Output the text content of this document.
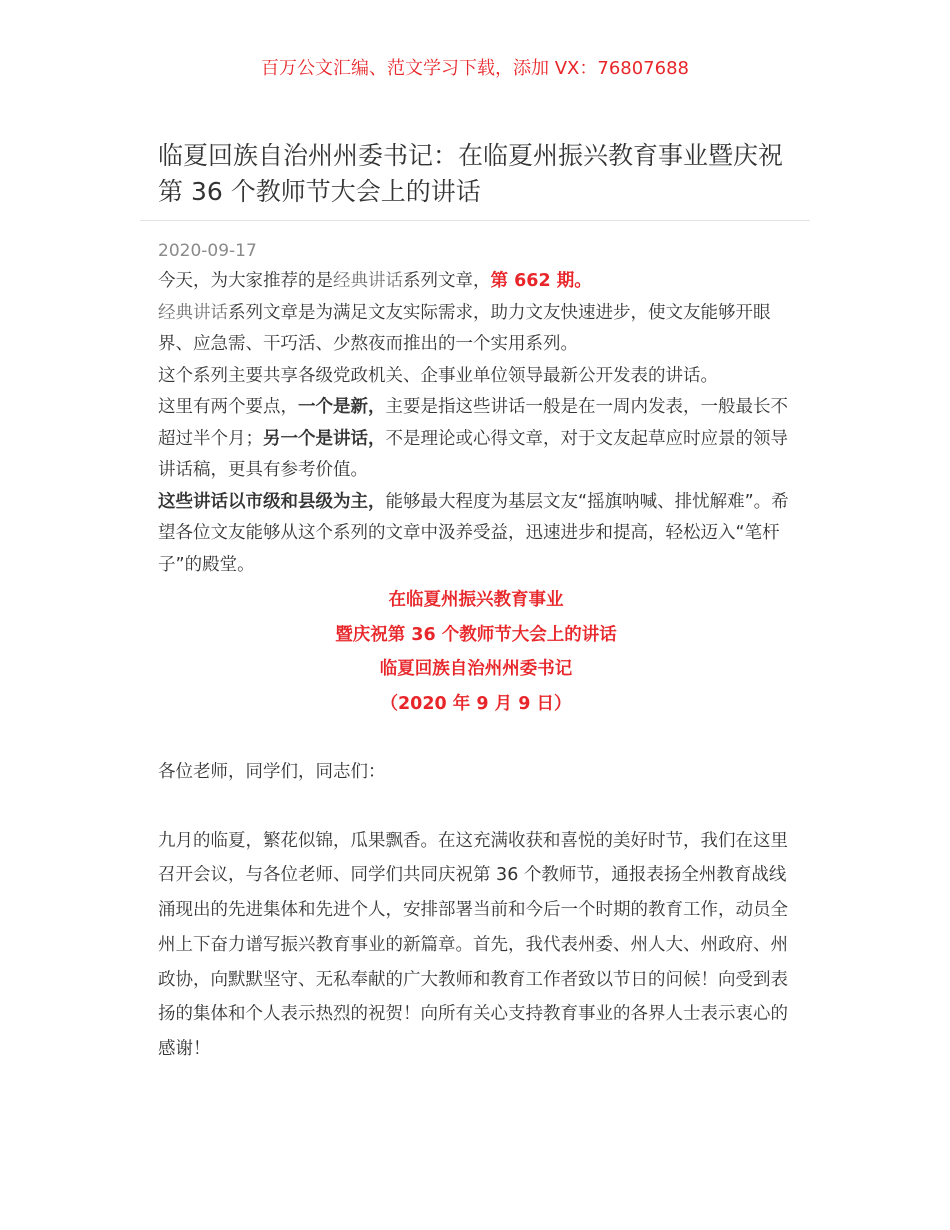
百万公文汇编、范文学习下载，添加 VX：76807688
临夏回族自治州州委书记：在临夏州振兴教育事业暨庆祝第 36 个教师节大会上的讲话

2020-09-17

今天，为大家推荐的是经典讲话系列文章，第 662 期。

经典讲话系列文章是为满足文友实际需求，助力文友快速进步，使文友能够开眼界、应急需、干巧活、少熬夜而推出的一个实用系列。

这个系列主要共享各级党政机关、企事业单位领导最新公开发表的讲话。

这里有两个要点，一个是新，主要是指这些讲话一般是在一周内发表，一般最长不超过半个月；另一个是讲话，不是理论或心得文章，对于文友起草应时应景的领导讲话稿，更具有参考价值。

这些讲话以市级和县级为主，能够最大程度为基层文友“摇旗呐喊、排忧解难”。希望各位文友能够从这个系列的文章中汲养受益，迅速进步和提高，轻松迈入“笔杆子”的殿堂。

在临夏州振兴教育事业

暨庆祝第 36 个教师节大会上的讲话

临夏回族自治州州委书记

（2020 年 9 月 9 日）

各位老师，同学们，同志们：

九月的临夏，繁花似锦，瓜果飘香。在这充满收获和喜悦的美好时节，我们在这里召开会议，与各位老师、同学们共同庆祝第 36 个教师节，通报表扬全州教育战线涌现出的先进集体和先进个人，安排部署当前和今后一个时期的教育工作，动员全州上下奋力谱写振兴教育事业的新篇章。首先，我代表州委、州人大、州政府、州政协，向默默坚守、无私奉献的广大教师和教育工作者致以节日的问候！向受到表扬的集体和个人表示热烈的祝贺！向所有关心支持教育事业的各界人士表示衷心的感谢！
